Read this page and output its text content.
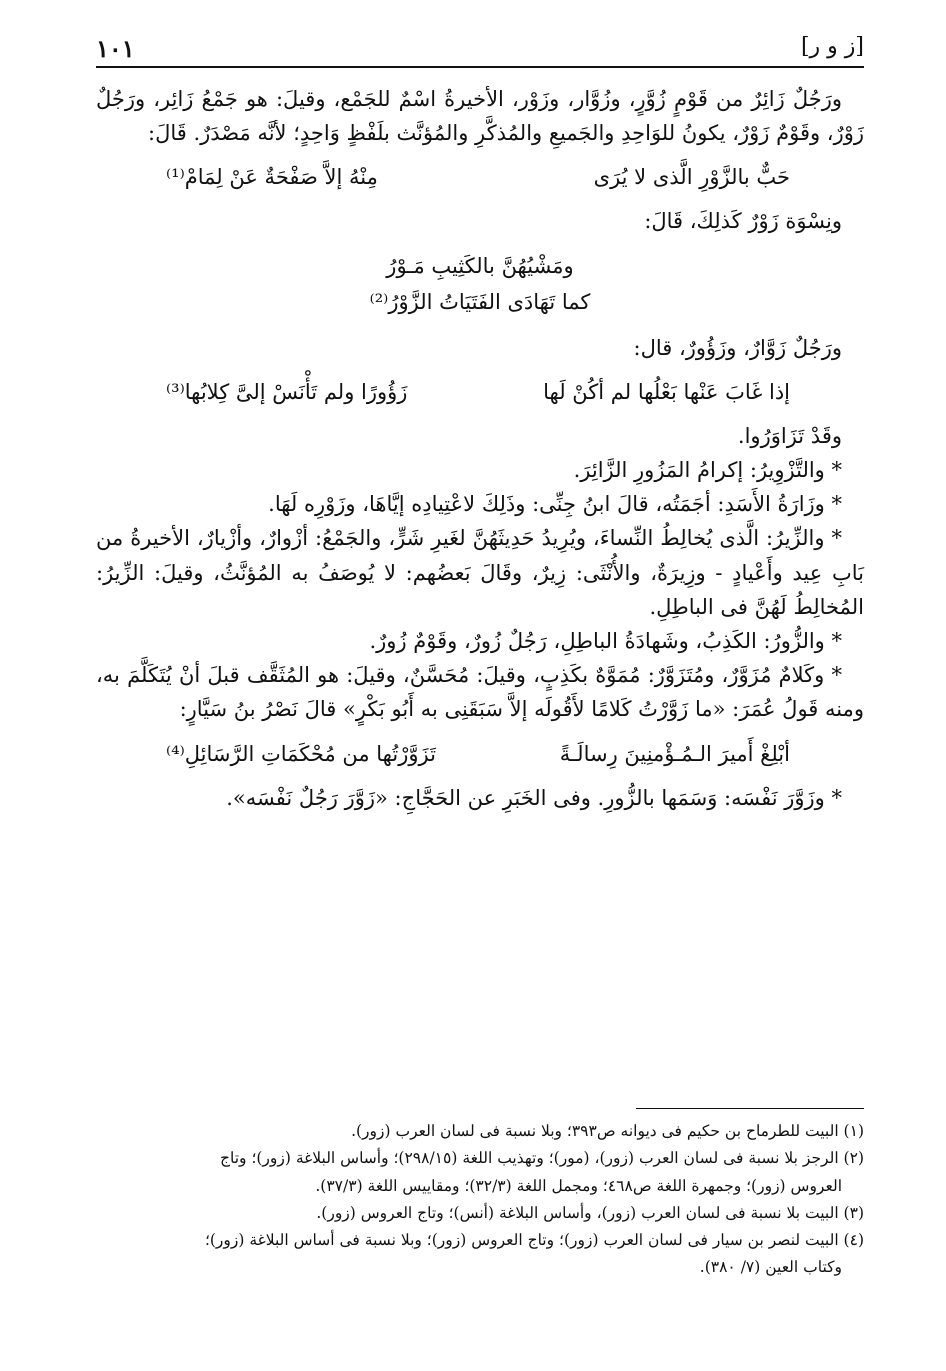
١٠١	[ز و ر]

ورَجُلٌ زَائِرٌ من قَوْمٍ زُوَّرٍ، وزُوَّار، وزَوْر، الأخيرةُ اسْمٌ للجَمْع، وقيلَ: هو جَمْعُ زَائِر، ورَجُلٌ زَوْرٌ، وقَوْمٌ زَوْرٌ، يكونُ للوَاحِدِ والجَميعِ والمُذكَّرِ والمُؤنَّث بلَفْظٍ وَاحِدٍ؛ لأنَّه مَصْدَرٌ. قَالَ:

حَبٌّ بالزَّوْرِ الَّذى لا يُرَى
مِنْهُ إلاَّ صَفْحَةٌ عَنْ لِمَامْ⁽¹⁾

ونِسْوَة زَوْرٌ كَذلِكَ، قَالَ:

ومَشْيُهُنَّ بالكَثِيبِ مَـوْرُ

كما تَهَادَى الفَتَيَاتُ الزَّوْرُ⁽²⁾

ورَجُلٌ زَوَّارٌ، وزَؤُورٌ، قال:

إذا غَابَ عَنْها بَعْلُها لم أكُنْ لَها
زَؤُورًا ولم تَأْنَسْ إلىَّ كِلابُها⁽³⁾

وقَدْ تَزَاوَرُوا.

* والتَّزْوِيرُ: إكرامُ المَزُورِ الزَّائِرَ.

* وزَارَةُ الأَسَدِ: أجَمَتُه، قالَ ابنُ جِنِّى: وذَلِكَ لاعْتِيادِه إيَّاهَا، وزَوْرِه لَهَا.

* والزِّيرُ: الَّذى يُخالِطُ النِّساءَ، ويُرِيدُ حَدِيثَهُنَّ لغَيرِ شَرٍّ، والجَمْعُ: أزْوارٌ، وأزْيارٌ، الأخيرةُ من بَابِ عِيد وأَعْيادٍ - وزِيرَةٌ، والأُنْثَى: زِيرٌ، وقَالَ بَعضُهم: لا يُوصَفُ به المُؤنَّثُ، وقيلَ: الزِّيرُ: المُخالِطُ لَهُنَّ فى الباطِلِ.

* والزُّورُ: الكَذِبُ، وشَهادَةُ الباطِلِ، رَجُلٌ زُورٌ، وقَوْمٌ زُورٌ.

* وكَلامٌ مُزَوَّرٌ، ومُتَزَوَّرٌ: مُمَوَّهٌ بكَذِبٍ، وقيلَ: مُحَسَّنٌ، وقيلَ: هو المُثَقَّف قبلَ أنْ يُتَكَلَّمَ به، ومنه قَولُ عُمَرَ: «ما زَوَّرْتُ كَلامًا لأَقُولَه إلاَّ سَبَقَنِى به أَبُو بَكْرٍ» قالَ نَصْرُ بنُ سَيَّارٍ:

أبْلِغْ أَميرَ الـمُـؤْمنِينَ رِسالَـةً
تَزَوَّرْتُها من مُحْكَمَاتِ الرَّسَائِلِ⁽⁴⁾

* وزَوَّرَ نَفْسَه: وَسَمَها بالزُّورِ. وفى الخَبَرِ عن الحَجَّاجِ: «زَوَّرَ رَجُلٌ نَفْسَه».

(١) البيت للطرماح بن حكيم فى ديوانه ص٣٩٣؛ وبلا نسبة فى لسان العرب (زور).

(٢) الرجز بلا نسبة فى لسان العرب (زور)، (مور)؛ وتهذيب اللغة (٢٩٨/١٥)؛ وأساس البلاغة (زور)؛ وتاج

العروس (زور)؛ وجمهرة اللغة ص٤٦٨؛ ومجمل اللغة (٣٢/٣)؛ ومقاييس اللغة (٣٧/٣).

(٣) البيت بلا نسبة فى لسان العرب (زور)، وأساس البلاغة (أنس)؛ وتاج العروس (زور).

(٤) البيت لنصر بن سيار فى لسان العرب (زور)؛ وتاج العروس (زور)؛ وبلا نسبة فى أساس البلاغة (زور)؛

وكتاب العين (٧/ ٣٨٠).
